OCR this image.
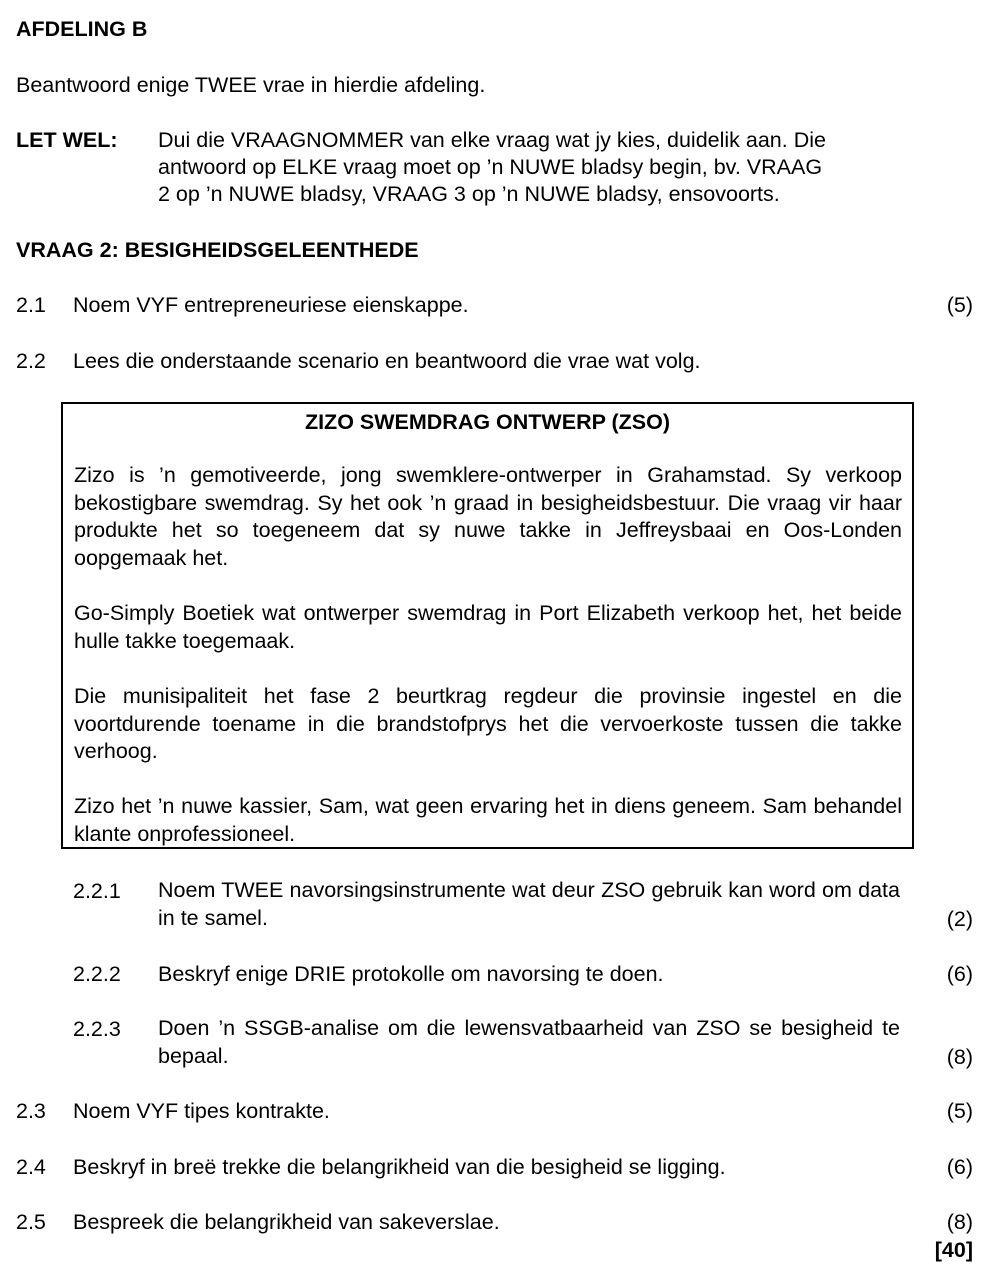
AFDELING B
Beantwoord enige TWEE vrae in hierdie afdeling.
LET WEL: Dui die VRAAGNOMMER van elke vraag wat jy kies, duidelik aan. Die
antwoord op ELKE vraag moet op ’n NUWE bladsy begin, bv. VRAAG
2 op ’n NUWE bladsy, VRAAG 3 op ’n NUWE bladsy, ensovoorts.
VRAAG 2: BESIGHEIDSGELEENTHEDE
2.1 Noem VYF entrepreneuriese eienskappe.	(5)
2.2 Lees die onderstaande scenario en beantwoord die vrae wat volg.
ZIZO SWEMDRAG ONTWERP (ZSO)
Zizo is ’n gemotiveerde, jong swemklere-ontwerper in Grahamstad. Sy verkoop bekostigbare swemdrag. Sy het ook ’n graad in besigheidsbestuur. Die vraag vir haar produkte het so toegeneem dat sy nuwe takke in Jeffreysbaai en Oos-Londen oopgemaak het.
Go-Simply Boetiek wat ontwerper swemdrag in Port Elizabeth verkoop het, het beide hulle takke toegemaak.
Die munisipaliteit het fase 2 beurtkrag regdeur die provinsie ingestel en die voortdurende toename in die brandstofprys het die vervoerkoste tussen die takke verhoog.
Zizo het ’n nuwe kassier, Sam, wat geen ervaring het in diens geneem. Sam behandel klante onprofessioneel.
2.2.1 Noem TWEE navorsingsinstrumente wat deur ZSO gebruik kan word om data in te samel.	(2)
2.2.2 Beskryf enige DRIE protokolle om navorsing te doen.	(6)
2.2.3 Doen ’n SSGB-analise om die lewensvatbaarheid van ZSO se besigheid te bepaal.	(8)
2.3 Noem VYF tipes kontrakte.	(5)
2.4 Beskryf in breë trekke die belangrikheid van die besigheid se ligging.	(6)
2.5 Bespreek die belangrikheid van sakeverslae.	(8)
[40]
